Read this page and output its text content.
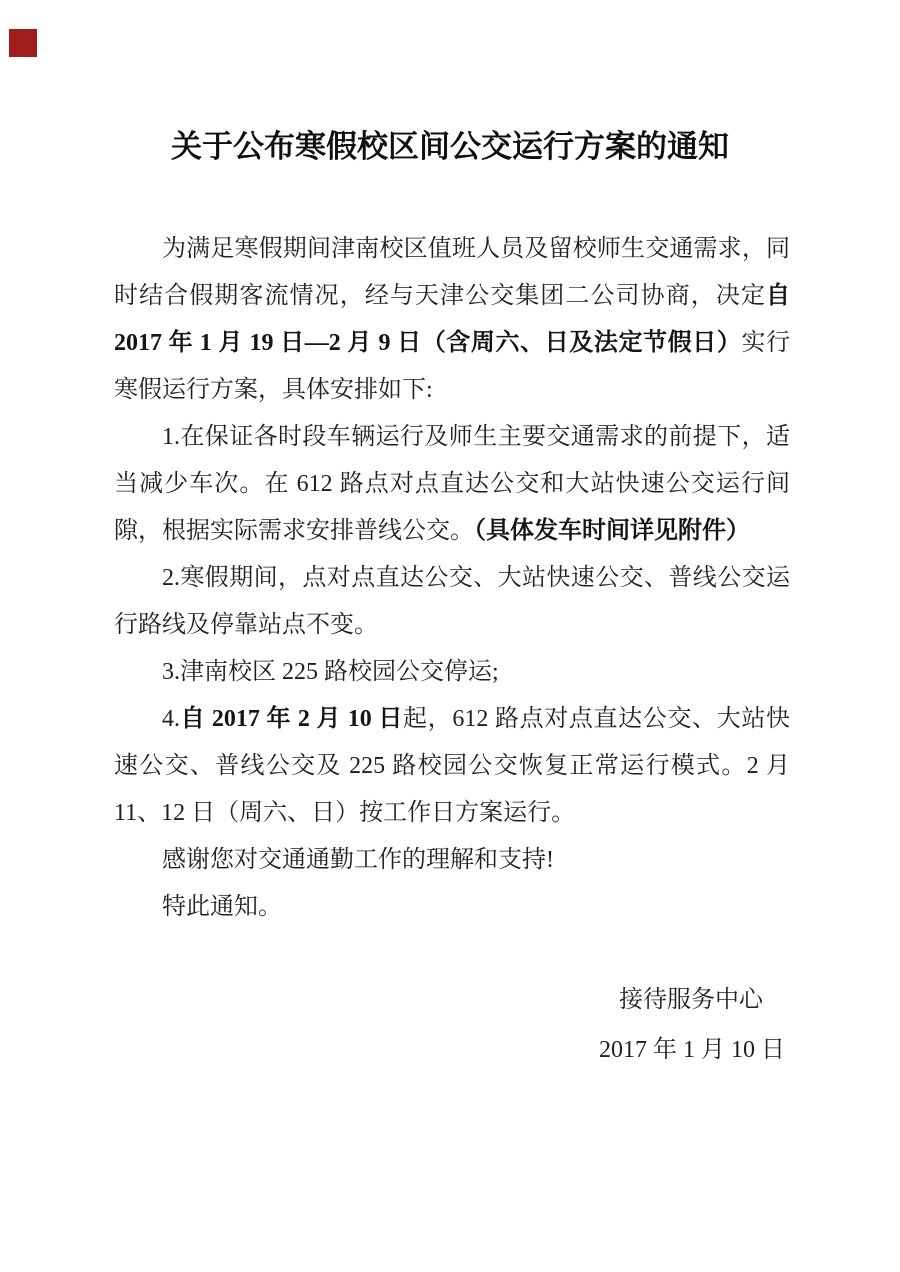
关于公布寒假校区间公交运行方案的通知

为满足寒假期间津南校区值班人员及留校师生交通需求，同时结合假期客流情况，经与天津公交集团二公司协商，决定自 2017 年 1 月 19 日—2 月 9 日（含周六、日及法定节假日）实行寒假运行方案，具体安排如下:

1.在保证各时段车辆运行及师生主要交通需求的前提下，适当减少车次。在 612 路点对点直达公交和大站快速公交运行间隙，根据实际需求安排普线公交。（具体发车时间详见附件）

2.寒假期间，点对点直达公交、大站快速公交、普线公交运行路线及停靠站点不变。

3.津南校区 225 路校园公交停运;

4.自 2017 年 2 月 10 日起，612 路点对点直达公交、大站快速公交、普线公交及 225 路校园公交恢复正常运行模式。2 月 11、12 日（周六、日）按工作日方案运行。

感谢您对交通通勤工作的理解和支持!

特此通知。

接待服务中心
2017 年 1 月 10 日
